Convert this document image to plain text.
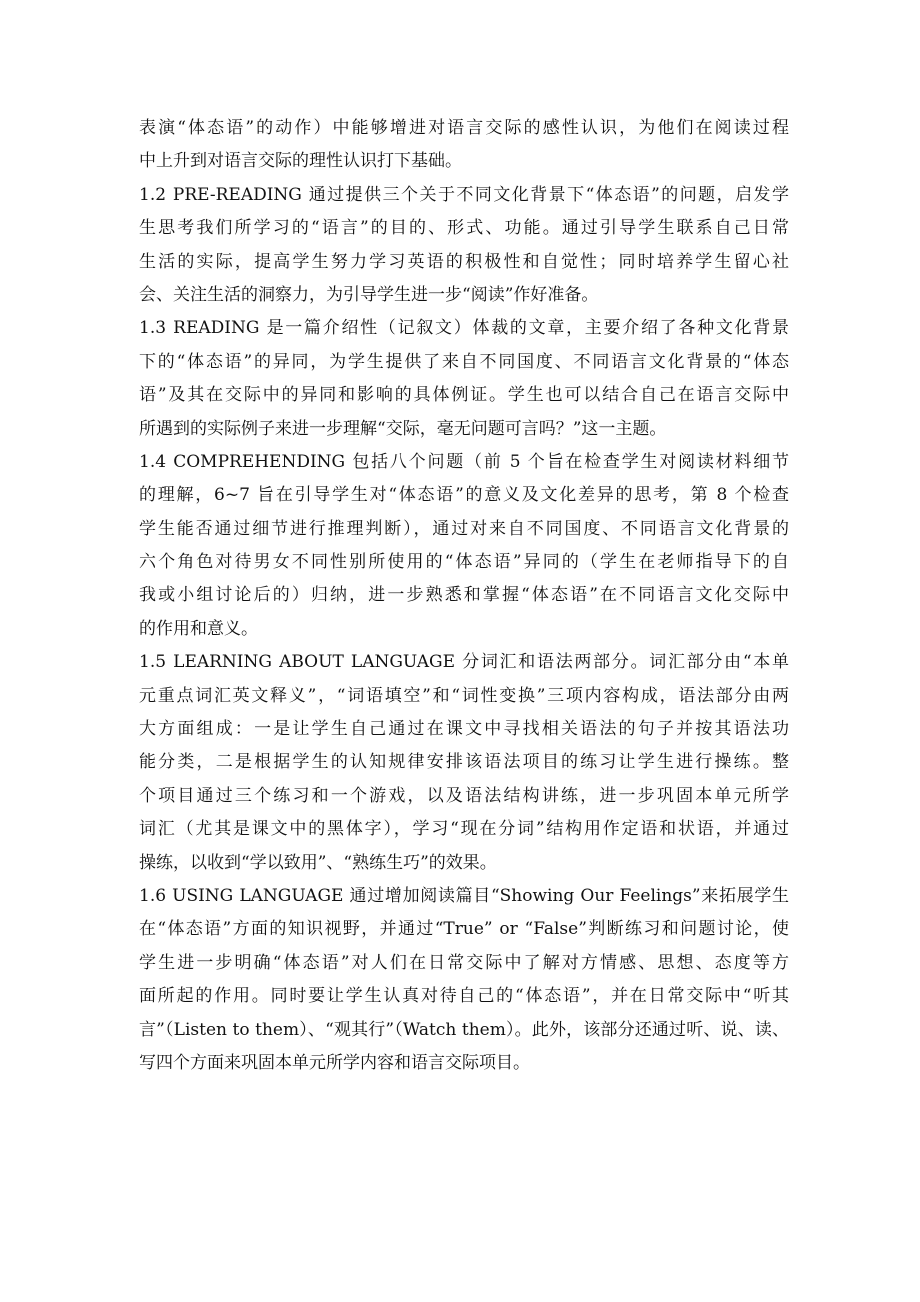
表演“体态语”的动作）中能够增进对语言交际的感性认识，为他们在阅读过程
中上升到对语言交际的理性认识打下基础。
1.2 PRE-READING 通过提供三个关于不同文化背景下“体态语”的问题，启发学
生思考我们所学习的“语言”的目的、形式、功能。通过引导学生联系自己日常
生活的实际，提高学生努力学习英语的积极性和自觉性；同时培养学生留心社
会、关注生活的洞察力，为引导学生进一步“阅读”作好准备。
1.3 READING 是一篇介绍性（记叙文）体裁的文章，主要介绍了各种文化背景
下的“体态语”的异同，为学生提供了来自不同国度、不同语言文化背景的“体态
语”及其在交际中的异同和影响的具体例证。学生也可以结合自己在语言交际中
所遇到的实际例子来进一步理解“交际，毫无问题可言吗？”这一主题。
1.4 COMPREHENDING 包括八个问题（前 5 个旨在检查学生对阅读材料细节
的理解，6~7 旨在引导学生对“体态语”的意义及文化差异的思考，第 8 个检查
学生能否通过细节进行推理判断），通过对来自不同国度、不同语言文化背景的
六个角色对待男女不同性别所使用的“体态语”异同的（学生在老师指导下的自
我或小组讨论后的）归纳，进一步熟悉和掌握“体态语”在不同语言文化交际中
的作用和意义。
1.5 LEARNING ABOUT LANGUAGE 分词汇和语法两部分。词汇部分由“本单
元重点词汇英文释义”，“词语填空”和“词性变换”三项内容构成，语法部分由两
大方面组成：一是让学生自己通过在课文中寻找相关语法的句子并按其语法功
能分类，二是根据学生的认知规律安排该语法项目的练习让学生进行操练。整
个项目通过三个练习和一个游戏，以及语法结构讲练，进一步巩固本单元所学
词汇（尤其是课文中的黑体字），学习“现在分词”结构用作定语和状语，并通过
操练，以收到“学以致用”、“熟练生巧”的效果。
1.6 USING LANGUAGE 通过增加阅读篇目“Showing Our Feelings”来拓展学生
在“体态语”方面的知识视野，并通过“True” or “False”判断练习和问题讨论，使
学生进一步明确“体态语”对人们在日常交际中了解对方情感、思想、态度等方
面所起的作用。同时要让学生认真对待自己的“体态语”，并在日常交际中“听其
言”（Listen to them）、“观其行”（Watch them）。此外，该部分还通过听、说、读、
写四个方面来巩固本单元所学内容和语言交际项目。
